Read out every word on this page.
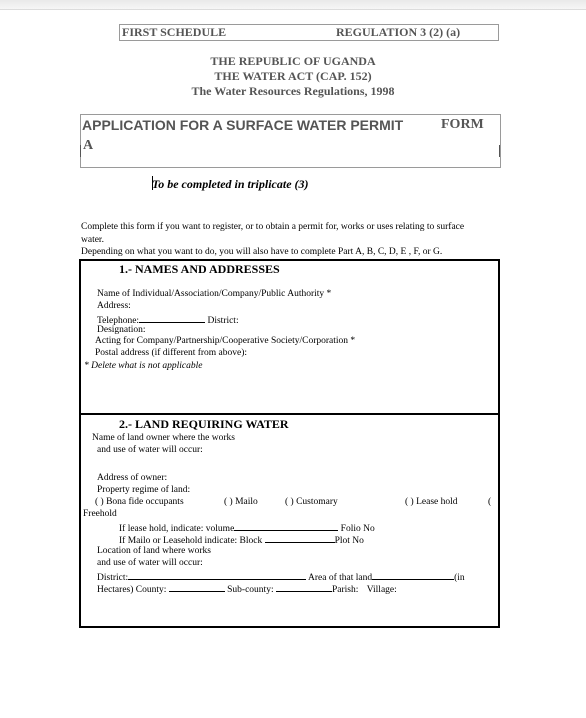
FIRST SCHEDULE	REGULATION 3 (2) (a)
THE REPUBLIC OF UGANDA
THE WATER ACT (CAP. 152)
The Water Resources Regulations, 1998
APPLICATION FOR A SURFACE WATER PERMIT	FORM
A
To be completed in triplicate (3)
Complete this form if you want to register, or to obtain a permit for, works or uses relating to surface
water.
Depending on what you want to do, you will also have to complete Part A, B, C, D, E , F, or G.
1.- NAMES AND ADDRESSES
Name of Individual/Association/Company/Public Authority *
Address:
Telephone:	District:
Designation:
Acting for Company/Partnership/Cooperative Society/Corporation *
Postal address (if different from above):
* Delete what is not applicable
2.- LAND REQUIRING WATER
Name of land owner where the works
and use of water will occur:
Address of owner:
Property regime of land:
( ) Bona fide occupants	( ) Mailo	( ) Customary	( ) Lease hold	(
Freehold
If lease hold, indicate: volume	Folio No
If Mailo or Leasehold indicate: Block	Plot No
Location of land where works
and use of water will occur:
District:	Area of that land	(in
Hectares) County:	Sub-county:	Parish: Village:
